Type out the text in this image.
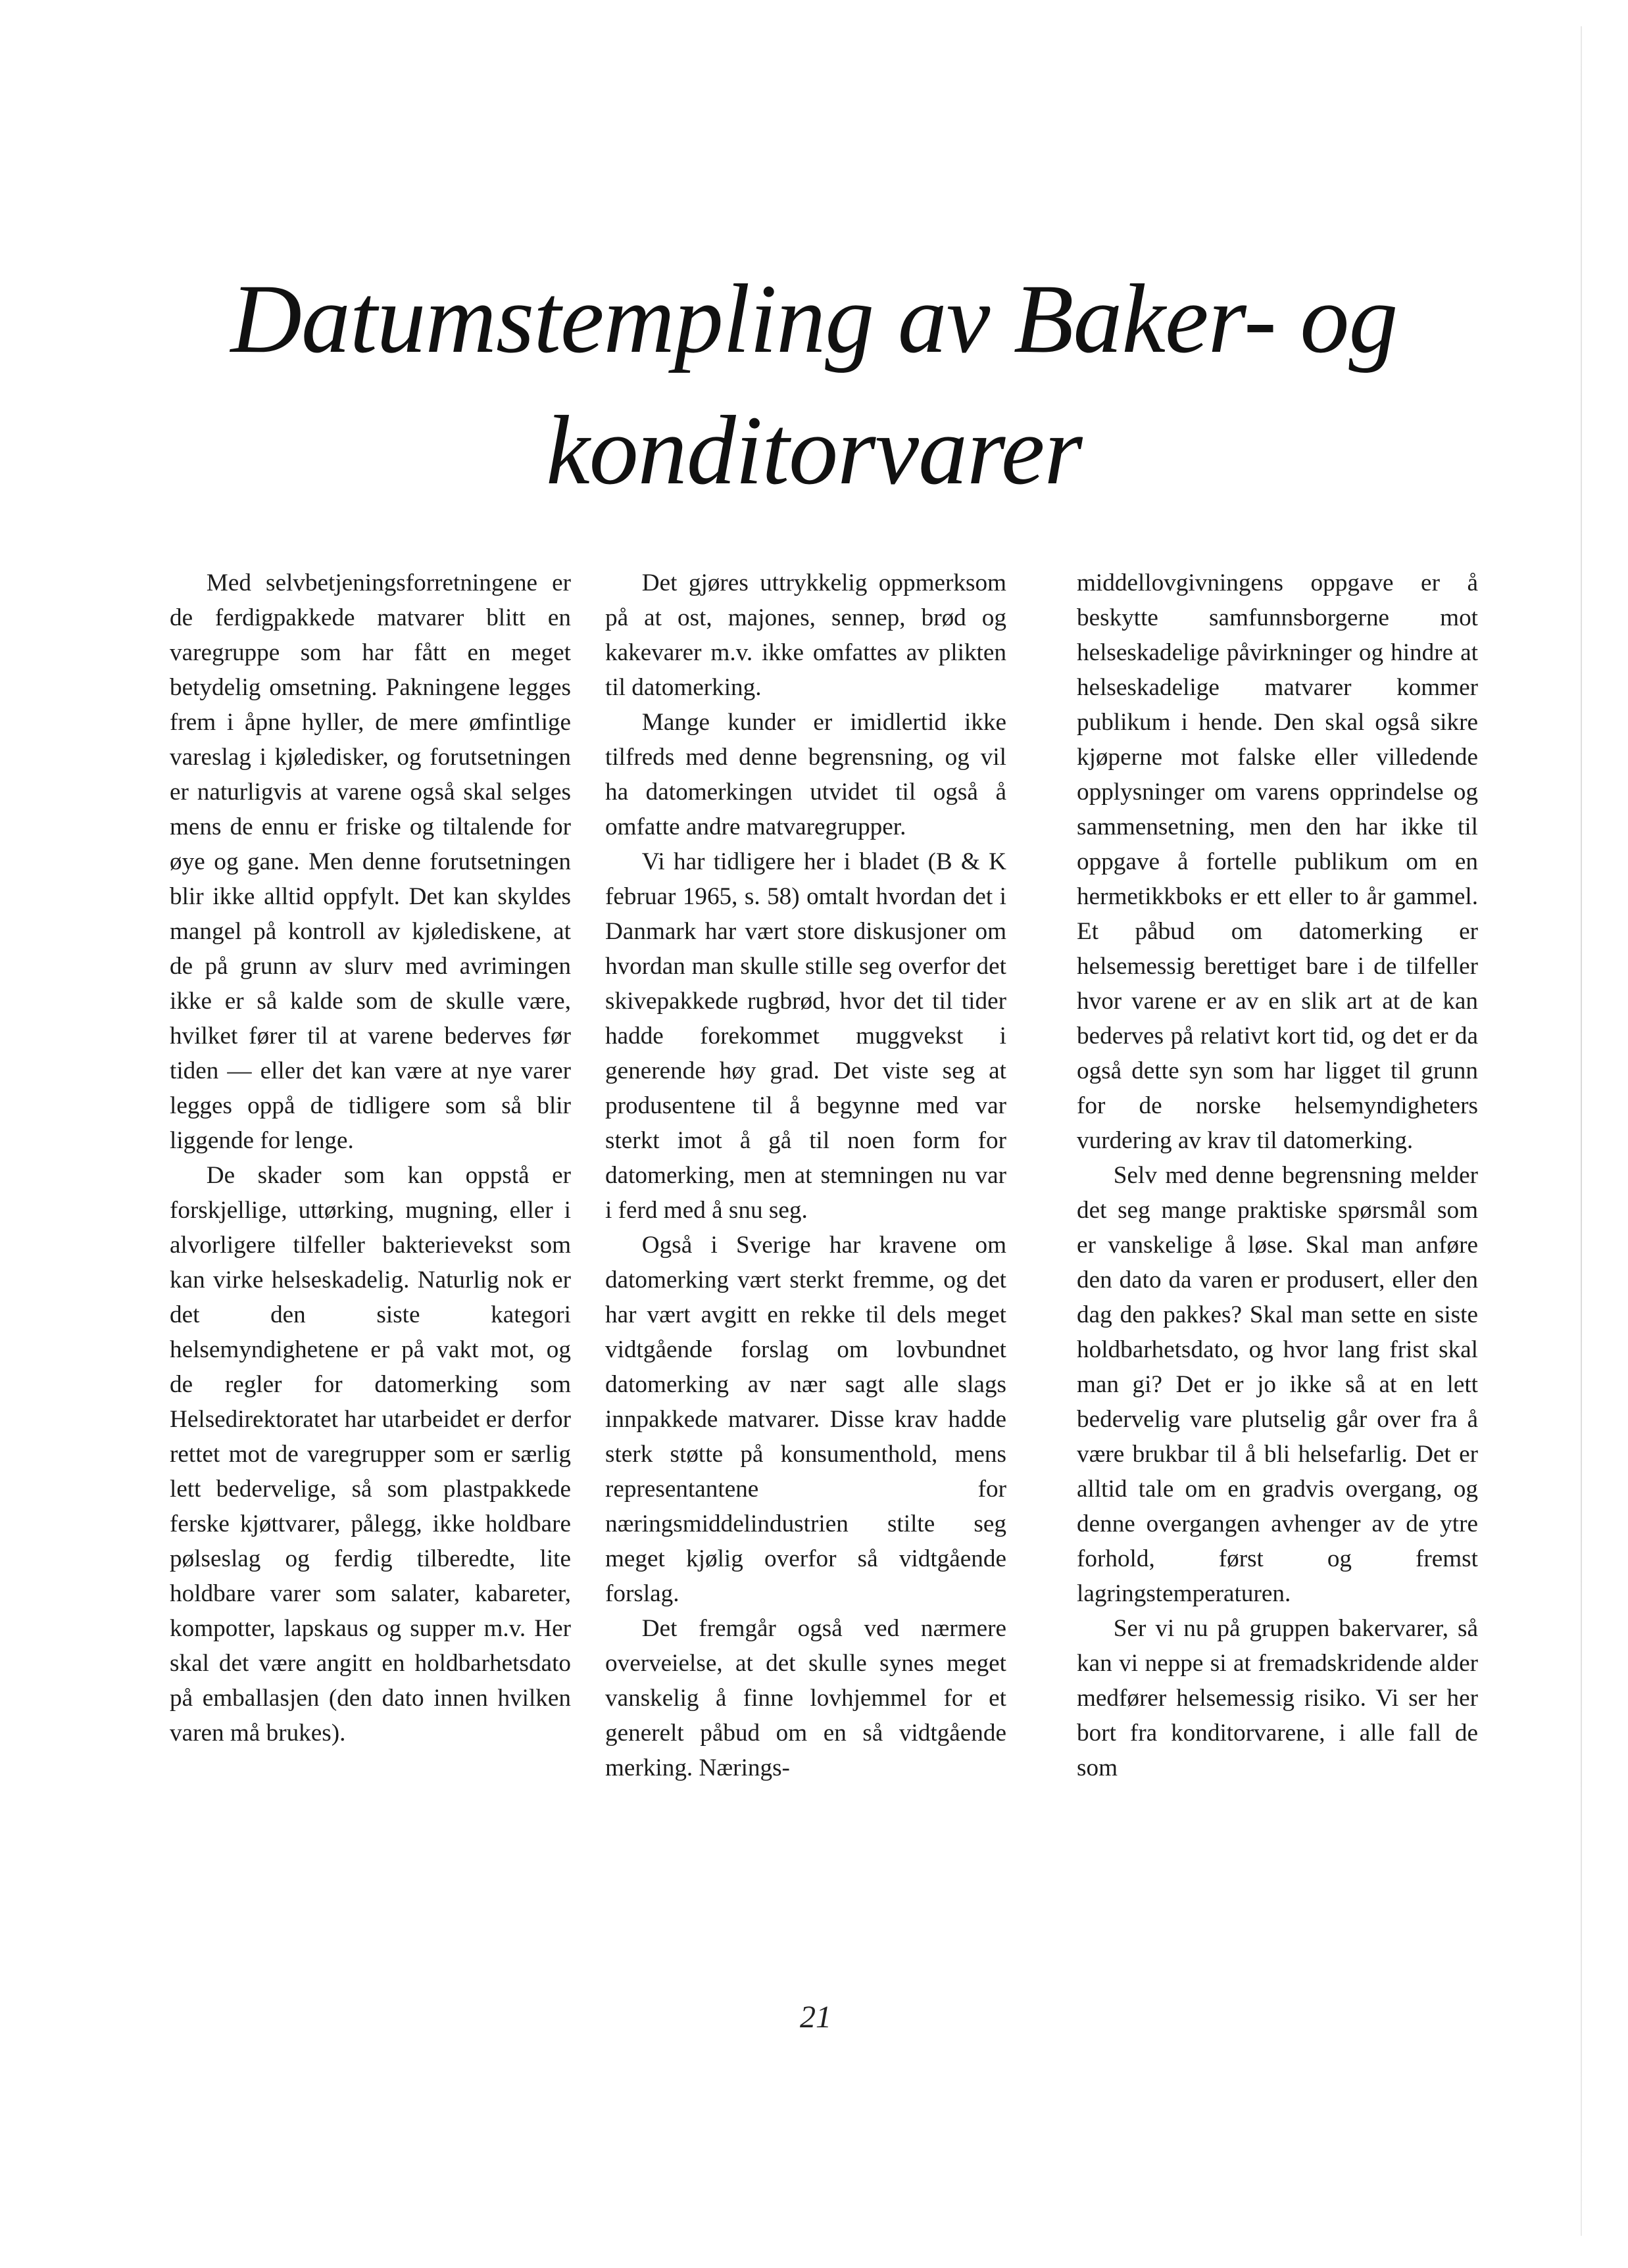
Datumstempling av Baker- og
konditorvarer

Med selvbetjeningsforretningene er de ferdigpakkede matvarer blitt en varegruppe som har fått en meget betydelig omsetning. Pakningene legges frem i åpne hyller, de mere ømfintlige vareslag i kjøledisker, og forutsetningen er naturligvis at varene også skal selges mens de ennu er friske og tiltalende for øye og gane. Men denne forutsetningen blir ikke alltid oppfylt. Det kan skyldes mangel på kontroll av kjølediskene, at de på grunn av slurv med avrimingen ikke er så kalde som de skulle være, hvilket fører til at varene bederves før tiden — eller det kan være at nye varer legges oppå de tidligere som så blir liggende for lenge.

De skader som kan oppstå er forskjellige, uttørking, mugning, eller i alvorligere tilfeller bakterievekst som kan virke helseskadelig. Naturlig nok er det den siste kategori helsemyndighetene er på vakt mot, og de regler for datomerking som Helsedirektoratet har utarbeidet er derfor rettet mot de varegrupper som er særlig lett bedervelige, så som plastpakkede ferske kjøttvarer, pålegg, ikke holdbare pølseslag og ferdig tilberedte, lite holdbare varer som salater, kabareter, kompotter, lapskaus og supper m.v. Her skal det være angitt en holdbarhetsdato på emballasjen (den dato innen hvilken varen må brukes).

Det gjøres uttrykkelig oppmerksom på at ost, majones, sennep, brød og kakevarer m.v. ikke omfattes av plikten til datomerking.

Mange kunder er imidlertid ikke tilfreds med denne begrensning, og vil ha datomerkingen utvidet til også å omfatte andre matvaregrupper.

Vi har tidligere her i bladet (B & K februar 1965, s. 58) omtalt hvordan det i Danmark har vært store diskusjoner om hvordan man skulle stille seg overfor det skivepakkede rugbrød, hvor det til tider hadde forekommet muggvekst i generende høy grad. Det viste seg at produsentene til å begynne med var sterkt imot å gå til noen form for datomerking, men at stemningen nu var i ferd med å snu seg.

Også i Sverige har kravene om datomerking vært sterkt fremme, og det har vært avgitt en rekke til dels meget vidtgående forslag om lovbundnet datomerking av nær sagt alle slags innpakkede matvarer. Disse krav hadde sterk støtte på konsumenthold, mens representantene for næringsmiddelindustrien stilte seg meget kjølig overfor så vidtgående forslag.

Det fremgår også ved nærmere overveielse, at det skulle synes meget vanskelig å finne lovhjemmel for et generelt påbud om en så vidtgående merking. Nærings-

middellovgivningens oppgave er å beskytte samfunnsborgerne mot helseskadelige påvirkninger og hindre at helseskadelige matvarer kommer publikum i hende. Den skal også sikre kjøperne mot falske eller villedende opplysninger om varens opprindelse og sammensetning, men den har ikke til oppgave å fortelle publikum om en hermetikkboks er ett eller to år gammel. Et påbud om datomerking er helsemessig berettiget bare i de tilfeller hvor varene er av en slik art at de kan bederves på relativt kort tid, og det er da også dette syn som har ligget til grunn for de norske helsemyndigheters vurdering av krav til datomerking.

Selv med denne begrensning melder det seg mange praktiske spørsmål som er vanskelige å løse. Skal man anføre den dato da varen er produsert, eller den dag den pakkes? Skal man sette en siste holdbarhetsdato, og hvor lang frist skal man gi? Det er jo ikke så at en lett bedervelig vare plutselig går over fra å være brukbar til å bli helsefarlig. Det er alltid tale om en gradvis overgang, og denne overgangen avhenger av de ytre forhold, først og fremst lagringstemperaturen.

Ser vi nu på gruppen bakervarer, så kan vi neppe si at fremadskridende alder medfører helsemessig risiko. Vi ser her bort fra konditorvarene, i alle fall de som

21
